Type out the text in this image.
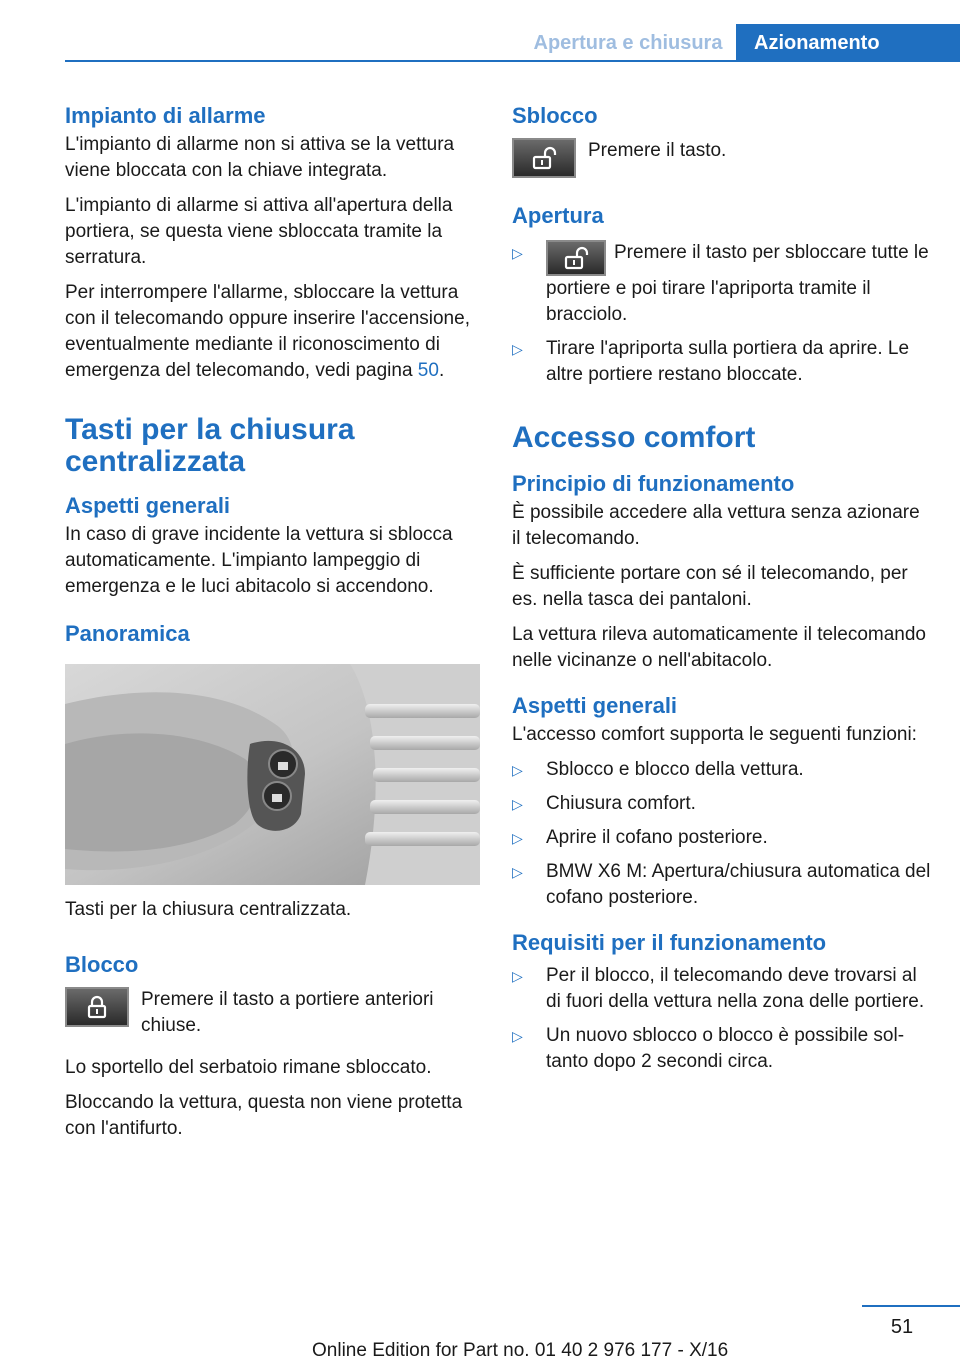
Apertura e chiusura	Azionamento
Impianto di allarme

L'impianto di allarme non si attiva se la vettura viene bloccata con la chiave integrata.

L'impianto di allarme si attiva all'apertura della portiera, se questa viene sbloccata tramite la serratura.

Per interrompere l'allarme, sbloccare la vettura con il telecomando oppure inserire l'accensione, eventualmente mediante il riconoscimento di emergenza del telecomando, vedi pagina 50.

Tasti per la chiusura centralizzata
Aspetti generali

In caso di grave incidente la vettura si sblocca automaticamente. L'impianto lampeggio di emergenza e le luci abitacolo si accendono.

Panoramica

Tasti per la chiusura centralizzata.

Blocco

Premere il tasto a portiere anteriori chiuse.

Lo sportello del serbatoio rimane sbloccato.

Bloccando la vettura, questa non viene protetta con l'antifurto.

Sblocco

Premere il tasto.

Apertura
▷	Premere il tasto per sbloccare tutte le portiere e poi tirare l'apriporta tramite il bracciolo.
▷ Tirare l'apriporta sulla portiera da aprire. Le altre portiere restano bloccate.
Accesso comfort
Principio di funzionamento

È possibile accedere alla vettura senza azionare il telecomando.

È sufficiente portare con sé il telecomando, per es. nella tasca dei pantaloni.

La vettura rileva automaticamente il telecomando nelle vicinanze o nell'abitacolo.

Aspetti generali

L'accesso comfort supporta le seguenti funzioni:

▷ Sblocco e blocco della vettura.
▷ Chiusura comfort.
▷ Aprire il cofano posteriore.
▷ BMW X6 M: Apertura/chiusura automatica del cofano posteriore.
Requisiti per il funzionamento
▷ Per il blocco, il telecomando deve trovarsi al di fuori della vettura nella zona delle portiere.
▷ Un nuovo sblocco o blocco è possibile soltanto dopo 2 secondi circa.
51
Online Edition for Part no. 01 40 2 976 177 - X/16
